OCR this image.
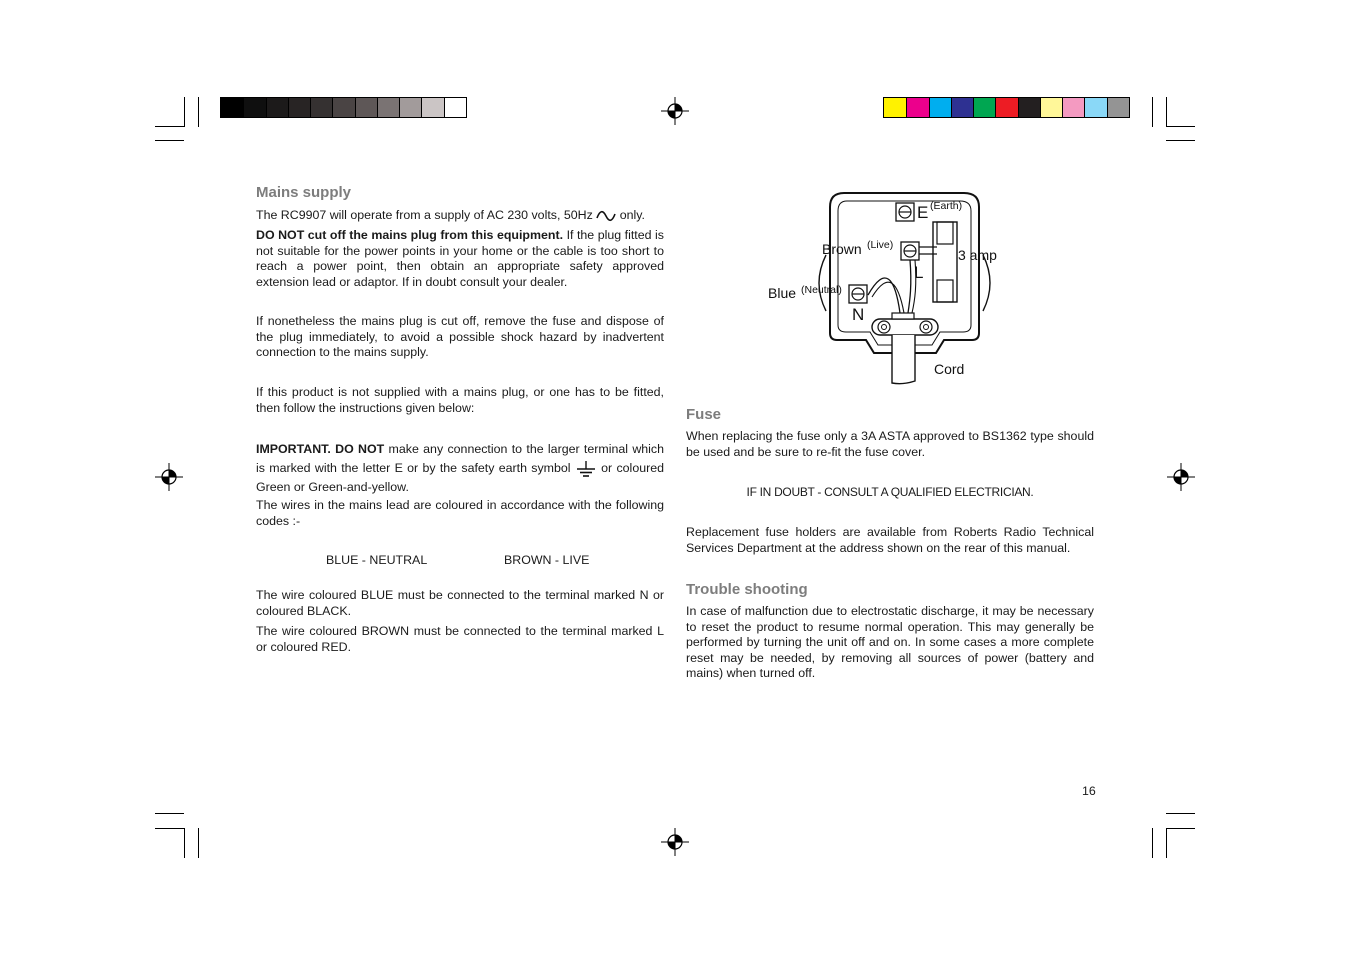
Mains supply

The RC9907 will operate from a supply of AC 230 volts, 50Hz only.

DO NOT cut off the mains plug from this equipment. If the plug fitted is not suitable for the power points in your home or the cable is too short to reach a power point, then obtain an appropriate safety approved extension lead or adaptor. If in doubt consult your dealer.

If nonetheless the mains plug is cut off, remove the fuse and dispose of the plug immediately, to avoid a possible shock hazard by inadvertent connection to the mains supply.

If this product is not supplied with a mains plug, or one has to be fitted, then follow the instructions given below:

IMPORTANT. DO NOT make any connection to the larger terminal which is marked with the letter E or by the safety earth symbol or coloured Green or Green-and-yellow.

The wires in the mains lead are coloured in accordance with the following codes :-

BLUE - NEUTRAL	BROWN - LIVE

The wire coloured BLUE must be connected to the terminal marked N or coloured BLACK.

The wire coloured BROWN must be connected to the terminal marked L or coloured RED.

E (Earth)
Brown (Live)
L
3 amp
Blue (Neutral)
N
Cord
Fuse

When replacing the fuse only a 3A ASTA approved to BS1362 type should be used and be sure to re-fit the fuse cover.

IF IN DOUBT - CONSULT A QUALIFIED ELECTRICIAN.

Replacement fuse holders are available from Roberts Radio Technical Services Department at the address shown on the rear of this manual.

Trouble shooting

In case of malfunction due to electrostatic discharge, it may be necessary to reset the product to resume normal operation. This may generally be performed by turning the unit off and on. In some cases a more complete reset may be needed, by removing all sources of power (battery and mains) when turned off.

16
